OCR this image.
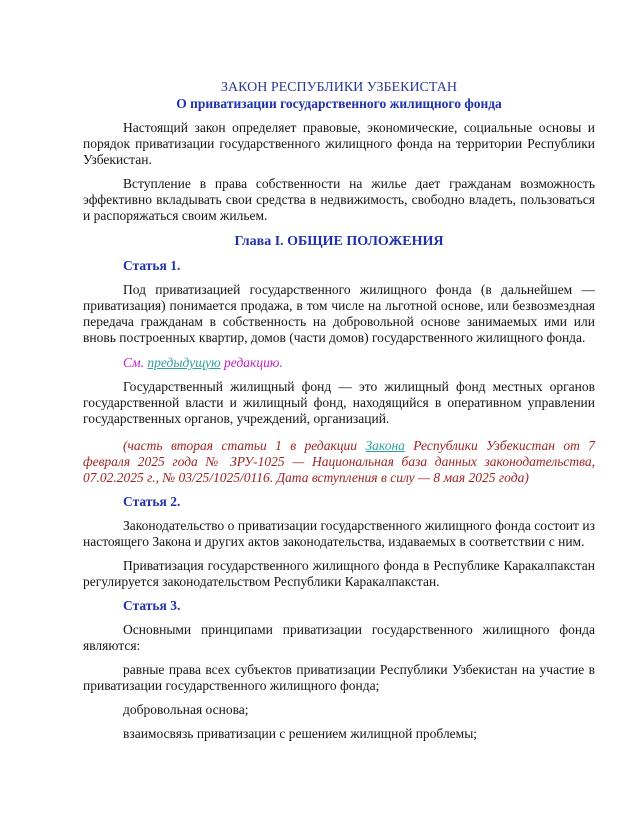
ЗАКОН РЕСПУБЛИКИ УЗБЕКИСТАН
О приватизации государственного жилищного фонда

Настоящий закон определяет правовые, экономические, социальные основы и порядок приватизации государственного жилищного фонда на территории Республики Узбекистан.

Вступление в права собственности на жилье дает гражданам возможность эффективно вкладывать свои средства в недвижимость, свободно владеть, пользоваться и распоряжаться своим жильем.

Глава I. ОБЩИЕ ПОЛОЖЕНИЯ
Статья 1.

Под приватизацией государственного жилищного фонда (в дальнейшем — приватизация) понимается продажа, в том числе на льготной основе, или безвозмездная передача гражданам в собственность на добровольной основе занимаемых ими или вновь построенных квартир, домов (части домов) государственного жилищного фонда.

См. предыдущую редакцию.

Государственный жилищный фонд — это жилищный фонд местных органов государственной власти и жилищный фонд, находящийся в оперативном управлении государственных органов, учреждений, организаций.

(часть вторая статьи 1 в редакции Закона Республики Узбекистан от 7 февраля 2025 года № ЗРУ-1025 — Национальная база данных законодательства, 07.02.2025 г., № 03/25/1025/0116. Дата вступления в силу — 8 мая 2025 года)

Статья 2.

Законодательство о приватизации государственного жилищного фонда состоит из настоящего Закона и других актов законодательства, издаваемых в соответствии с ним.

Приватизация государственного жилищного фонда в Республике Каракалпакстан регулируется законодательством Республики Каракалпакстан.

Статья 3.

Основными принципами приватизации государственного жилищного фонда являются:

равные права всех субъектов приватизации Республики Узбекистан на участие в приватизации государственного жилищного фонда;

добровольная основа;

взаимосвязь приватизации с решением жилищной проблемы;
